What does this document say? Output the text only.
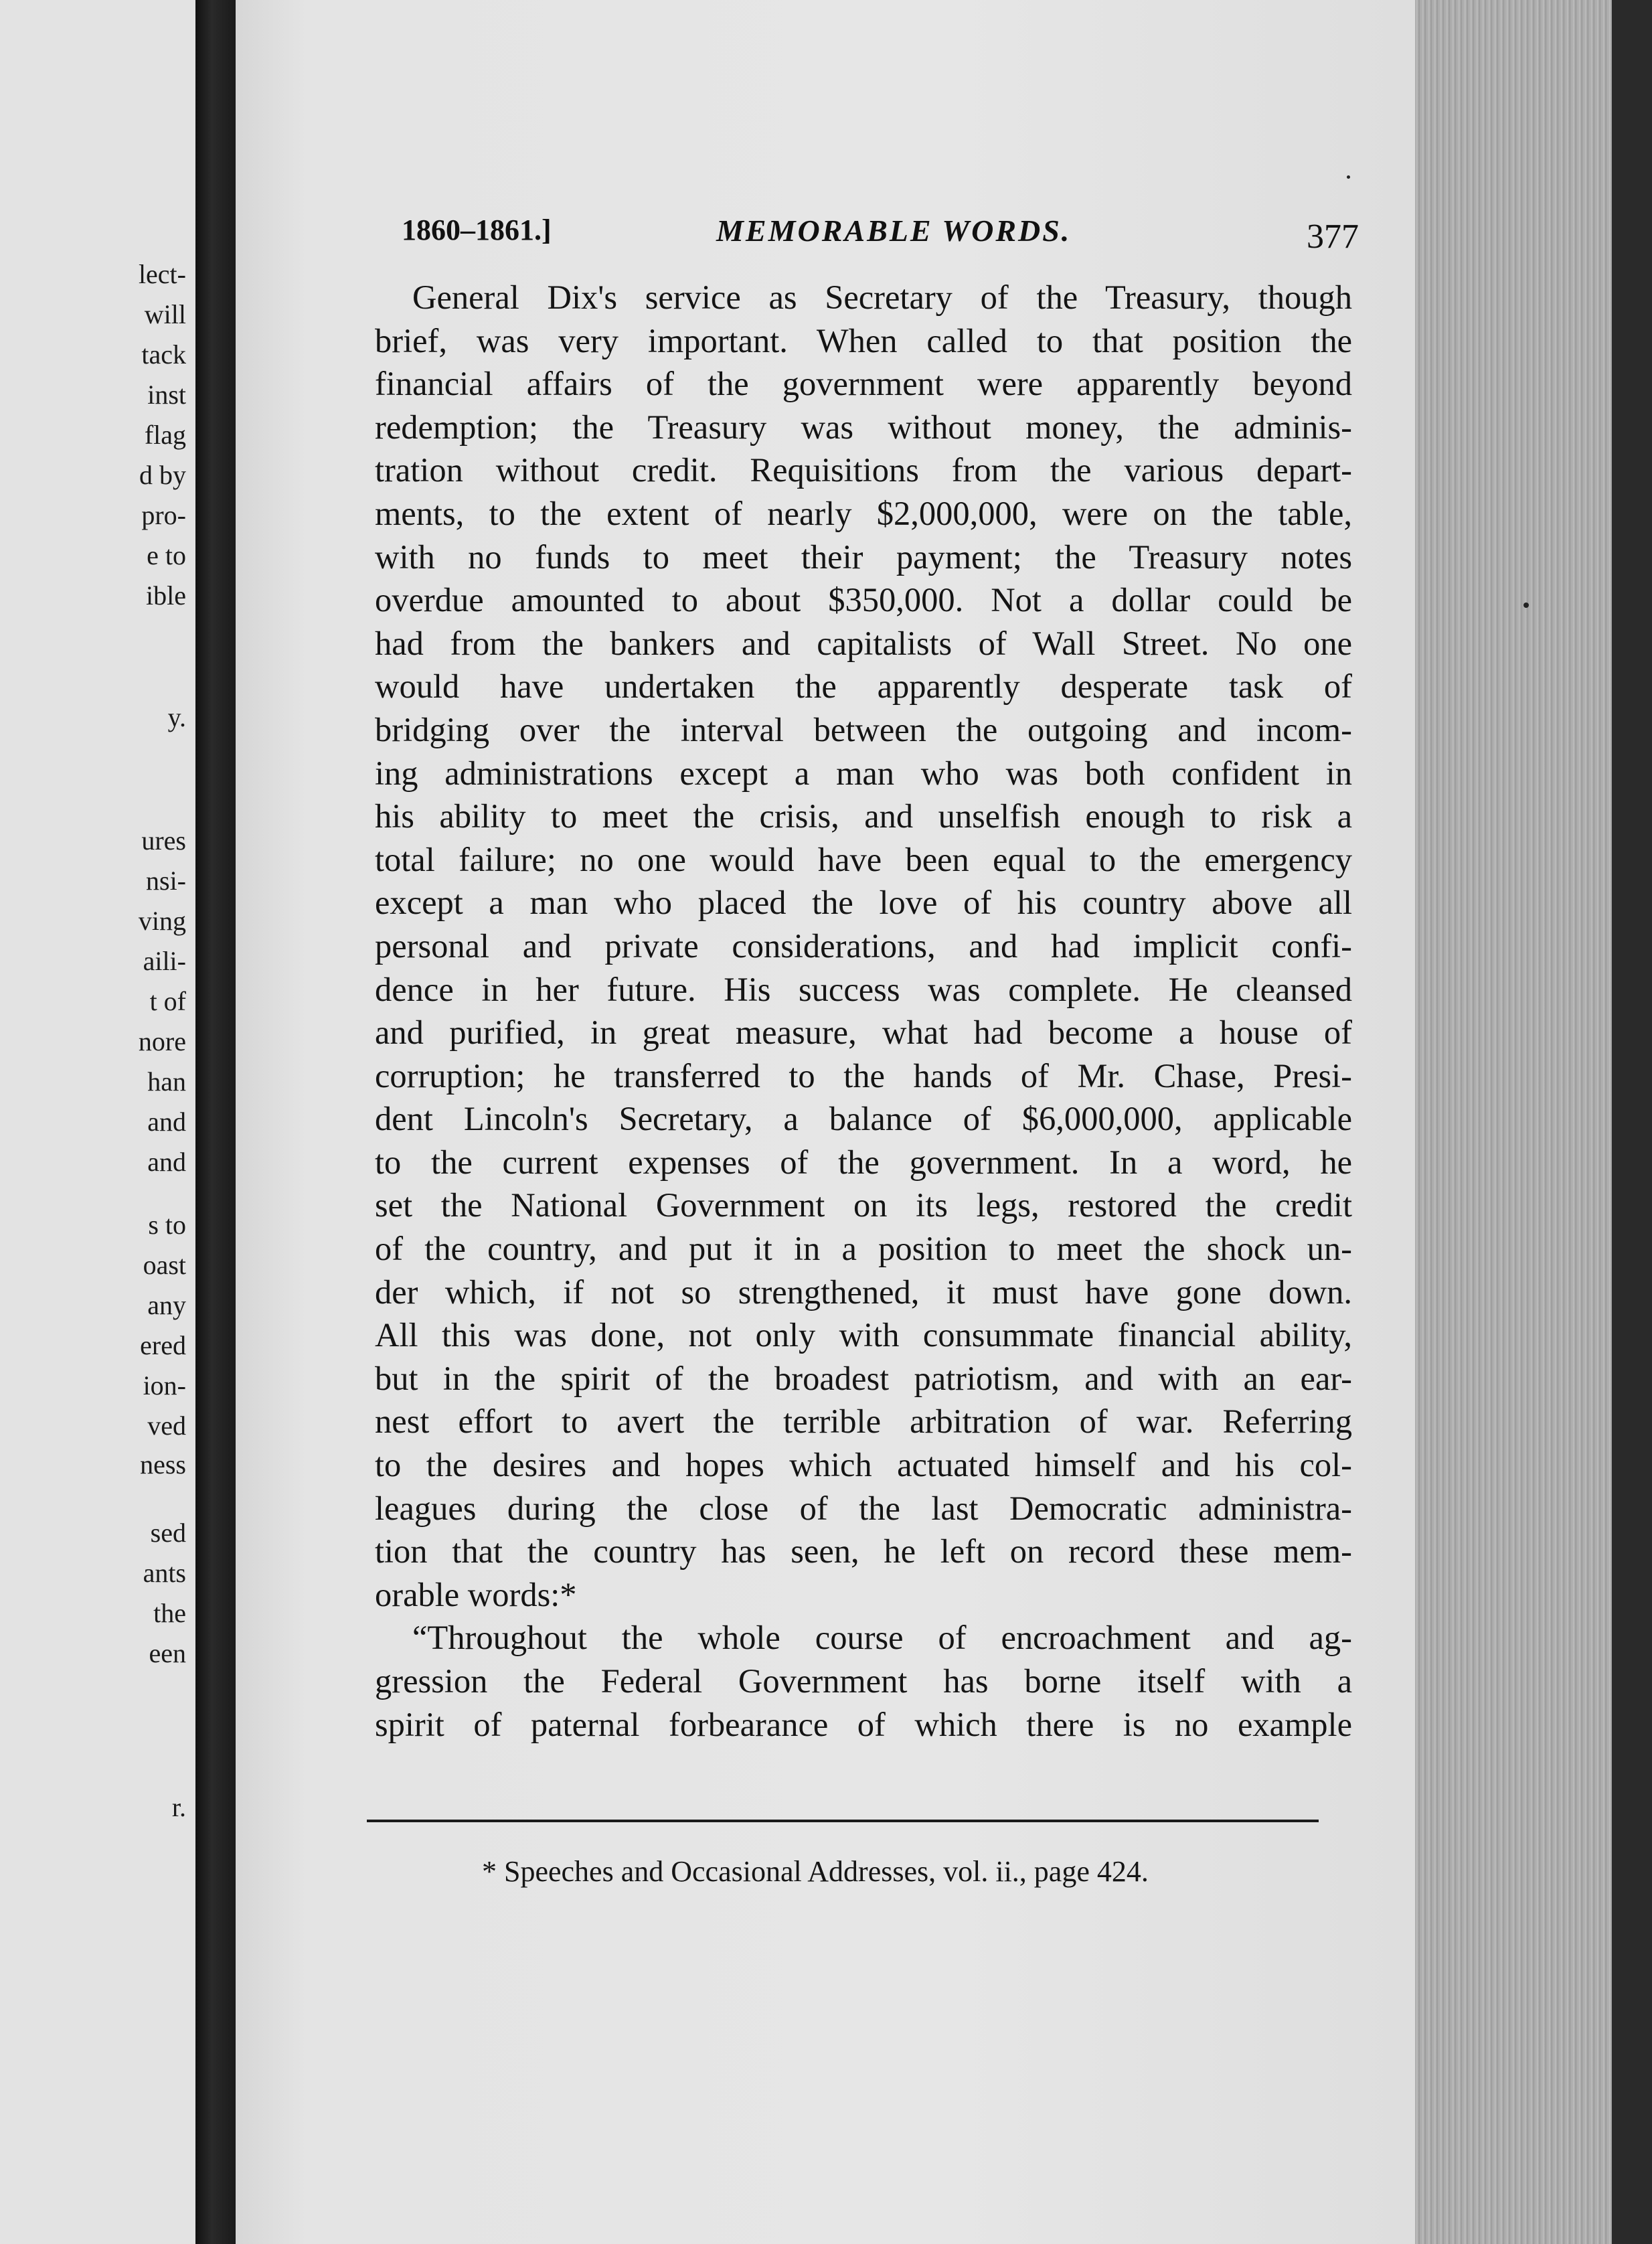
lect-
will
tack
inst
flag
d by
pro-
e to
ible
y.
ures
nsi-
ving
aili-
t of
nore
han
and
and
s to
oast
any
ered
ion-
ved
ness
sed
ants
the
een
r.
1860–1861.]	MEMORABLE WORDS.	377
General Dix's service as Secretary of the Treasury, though
brief, was very important. When called to that position the
financial affairs of the government were apparently beyond
redemption; the Treasury was without money, the adminis-
tration without credit. Requisitions from the various depart-
ments, to the extent of nearly $2,000,000, were on the table,
with no funds to meet their payment; the Treasury notes
overdue amounted to about $350,000. Not a dollar could be
had from the bankers and capitalists of Wall Street. No one
would have undertaken the apparently desperate task of
bridging over the interval between the outgoing and incom-
ing administrations except a man who was both confident in
his ability to meet the crisis, and unselfish enough to risk a
total failure; no one would have been equal to the emergency
except a man who placed the love of his country above all
personal and private considerations, and had implicit confi-
dence in her future. His success was complete. He cleansed
and purified, in great measure, what had become a house of
corruption; he transferred to the hands of Mr. Chase, Presi-
dent Lincoln's Secretary, a balance of $6,000,000, applicable
to the current expenses of the government. In a word, he
set the National Government on its legs, restored the credit
of the country, and put it in a position to meet the shock un-
der which, if not so strengthened, it must have gone down.
All this was done, not only with consummate financial ability,
but in the spirit of the broadest patriotism, and with an ear-
nest effort to avert the terrible arbitration of war. Referring
to the desires and hopes which actuated himself and his col-
leagues during the close of the last Democratic administra-
tion that the country has seen, he left on record these mem-
orable words:*
“Throughout the whole course of encroachment and ag-
gression the Federal Government has borne itself with a
spirit of paternal forbearance of which there is no example
* Speeches and Occasional Addresses, vol. ii., page 424.
